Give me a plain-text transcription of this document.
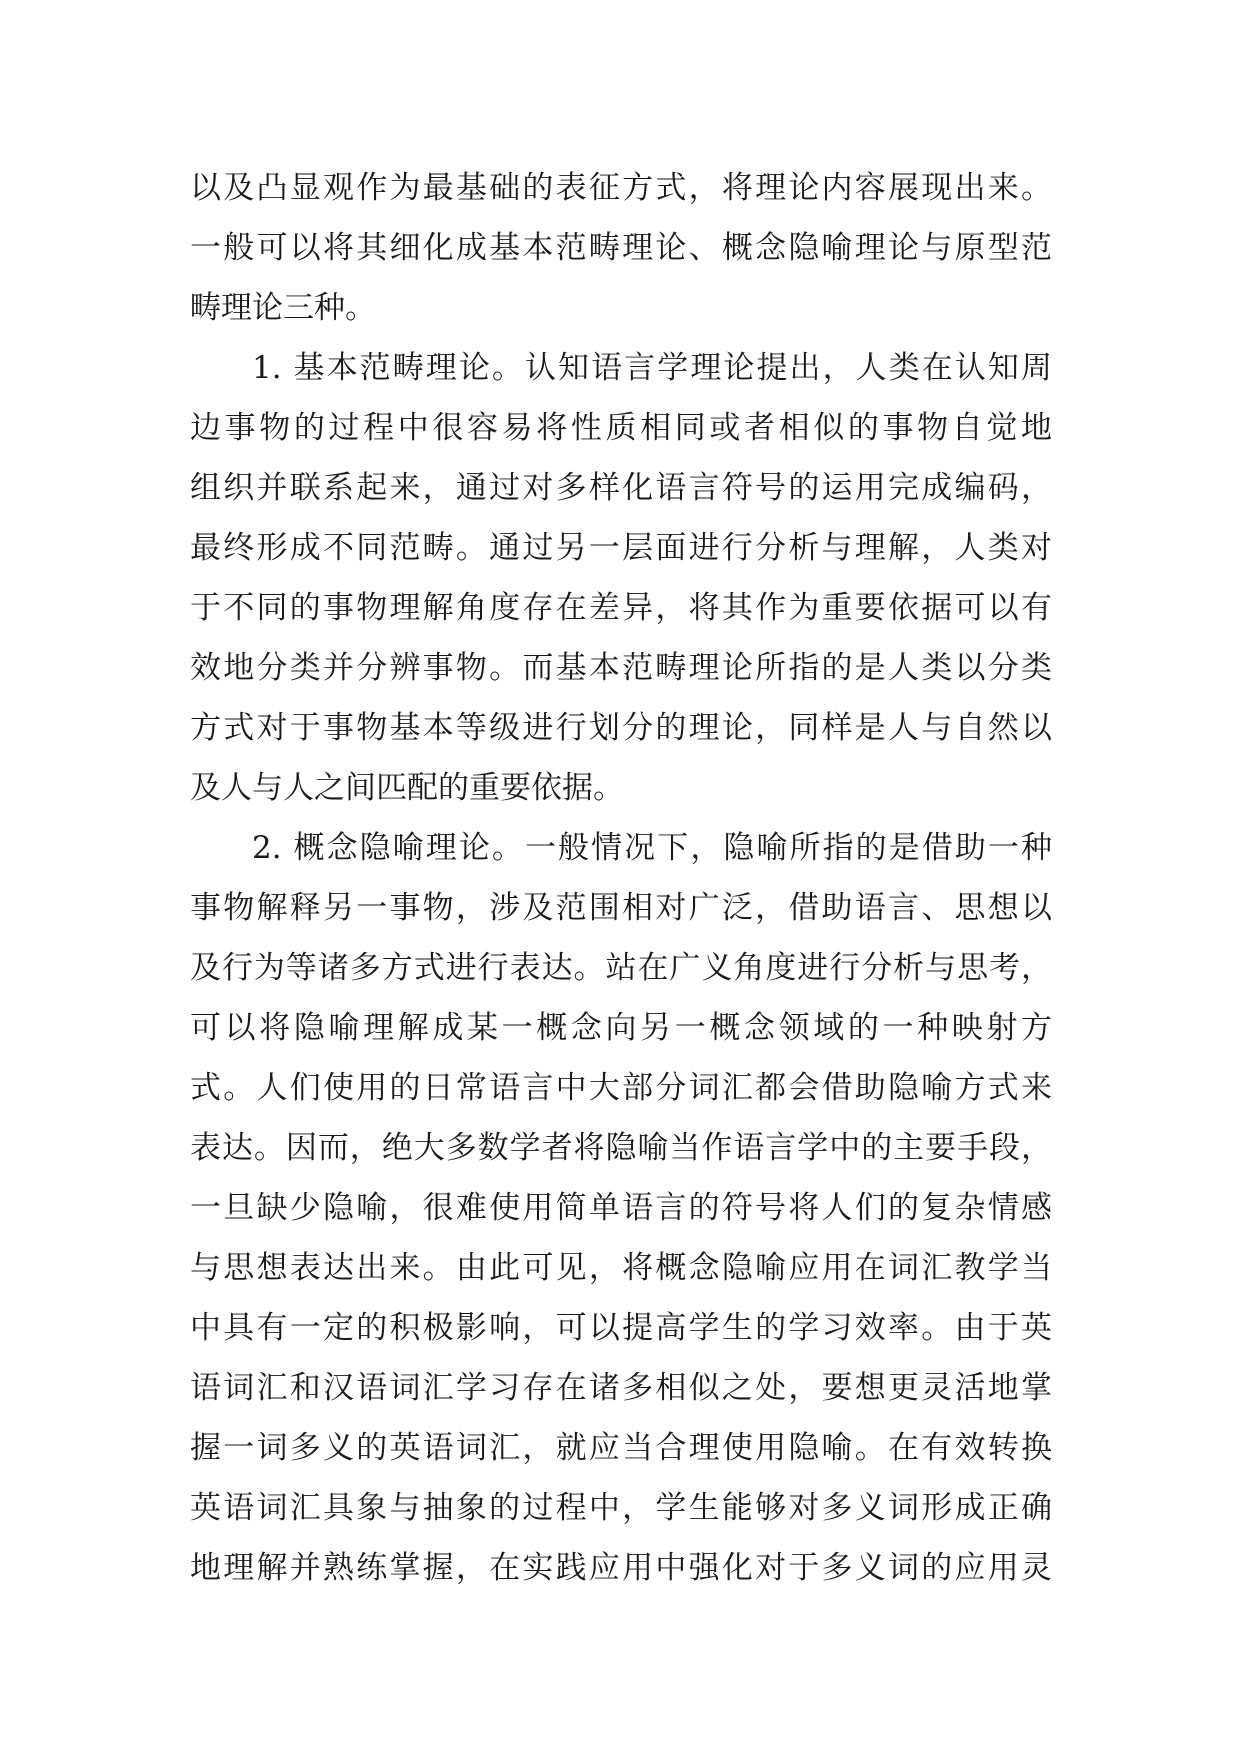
以及凸显观作为最基础的表征方式，将理论内容展现出来。
一般可以将其细化成基本范畴理论、概念隐喻理论与原型范
畴理论三种。
1. 基本范畴理论。认知语言学理论提出，人类在认知周
边事物的过程中很容易将性质相同或者相似的事物自觉地
组织并联系起来，通过对多样化语言符号的运用完成编码，
最终形成不同范畴。通过另一层面进行分析与理解，人类对
于不同的事物理解角度存在差异，将其作为重要依据可以有
效地分类并分辨事物。而基本范畴理论所指的是人类以分类
方式对于事物基本等级进行划分的理论，同样是人与自然以
及人与人之间匹配的重要依据。
2. 概念隐喻理论。一般情况下，隐喻所指的是借助一种
事物解释另一事物，涉及范围相对广泛，借助语言、思想以
及行为等诸多方式进行表达。站在广义角度进行分析与思考，
可以将隐喻理解成某一概念向另一概念领域的一种映射方
式。人们使用的日常语言中大部分词汇都会借助隐喻方式来
表达。因而，绝大多数学者将隐喻当作语言学中的主要手段，
一旦缺少隐喻，很难使用简单语言的符号将人们的复杂情感
与思想表达出来。由此可见，将概念隐喻应用在词汇教学当
中具有一定的积极影响，可以提高学生的学习效率。由于英
语词汇和汉语词汇学习存在诸多相似之处，要想更灵活地掌
握一词多义的英语词汇，就应当合理使用隐喻。在有效转换
英语词汇具象与抽象的过程中，学生能够对多义词形成正确
地理解并熟练掌握，在实践应用中强化对于多义词的应用灵
